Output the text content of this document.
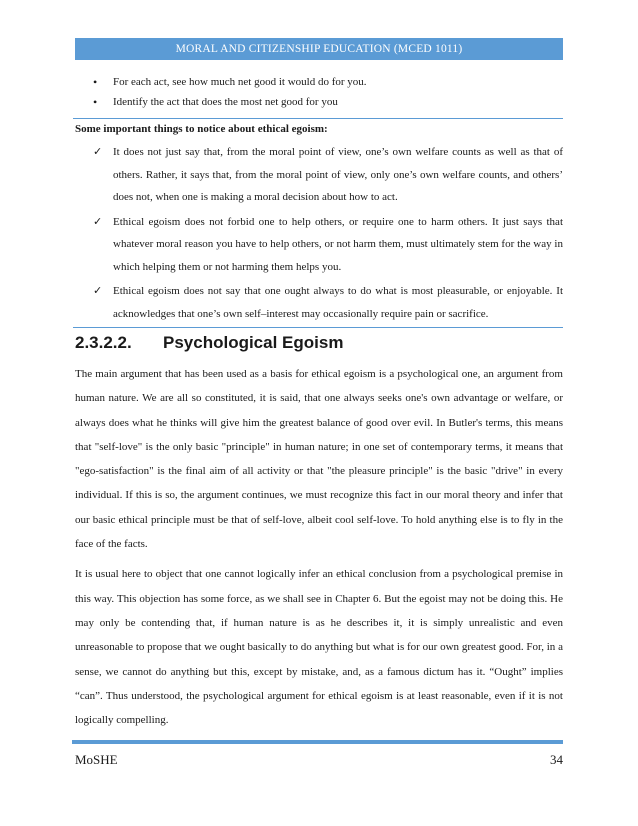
MORAL AND CITIZENSHIP EDUCATION (MCED 1011)
• For each act, see how much net good it would do for you.
• Identify the act that does the most net good for you
Some important things to notice about ethical egoism:
✓ It does not just say that, from the moral point of view, one’s own welfare counts as well as that of others. Rather, it says that, from the moral point of view, only one’s own welfare counts, and others’ does not, when one is making a moral decision about how to act.
✓ Ethical egoism does not forbid one to help others, or require one to harm others. It just says that whatever moral reason you have to help others, or not harm them, must ultimately stem for the way in which helping them or not harming them helps you.
✓ Ethical egoism does not say that one ought always to do what is most pleasurable, or enjoyable. It acknowledges that one’s own self–interest may occasionally require pain or sacrifice.
2.3.2.2.	Psychological Egoism

The main argument that has been used as a basis for ethical egoism is a psychological one, an argument from human nature. We are all so constituted, it is said, that one always seeks one's own advantage or welfare, or always does what he thinks will give him the greatest balance of good over evil. In Butler's terms, this means that "self-love" is the only basic "principle" in human nature; in one set of contemporary terms, it means that "ego-satisfaction" is the final aim of all activity or that "the pleasure principle" is the basic "drive" in every individual. If this is so, the argument continues, we must recognize this fact in our moral theory and infer that our basic ethical principle must be that of self-love, albeit cool self-love. To hold anything else is to fly in the face of the facts.

It is usual here to object that one cannot logically infer an ethical conclusion from a psychological premise in this way. This objection has some force, as we shall see in Chapter 6. But the egoist may not be doing this. He may only be contending that, if human nature is as he describes it, it is simply unrealistic and even unreasonable to propose that we ought basically to do anything but what is for our own greatest good. For, in a sense, we cannot do anything but this, except by mistake, and, as a famous dictum has it. “Ought” implies “can”. Thus understood, the psychological argument for ethical egoism is at least reasonable, even if it is not logically compelling.

MoSHE	34
